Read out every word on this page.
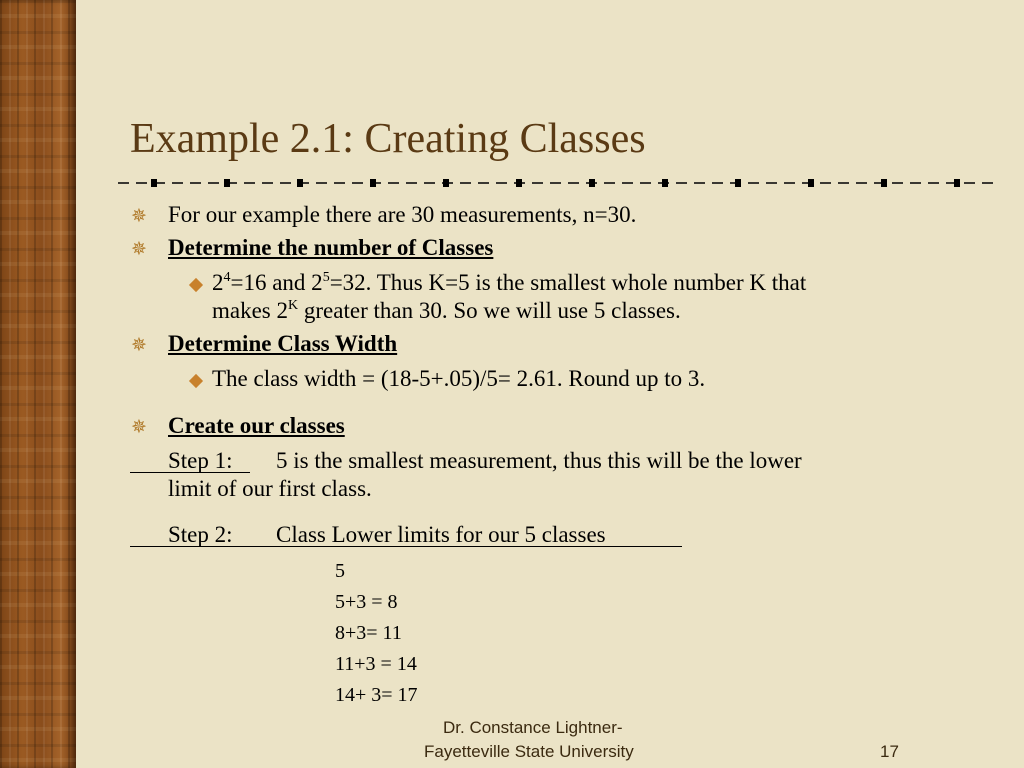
Example 2.1: Creating Classes
✵ For our example there are 30 measurements, n=30.
✵ Determine the number of Classes
$2^4=16$ and $2^5=32$. Thus K=5 is the smallest whole number K that
makes $2^K$ greater than 30. So we will use 5 classes.
✵ Determine Class Width
The class width = (18-5+.05)/5= 2.61. Round up to 3.
✵ Create our classes
Step 1: 5 is the smallest measurement, thus this will be the lower
limit of our first class.
Step 2: Class Lower limits for our 5 classes
5
5+3 = 8
8+3= 11
11+3 = 14
14+ 3= 17
Dr. Constance Lightner-
Fayetteville State University	17
